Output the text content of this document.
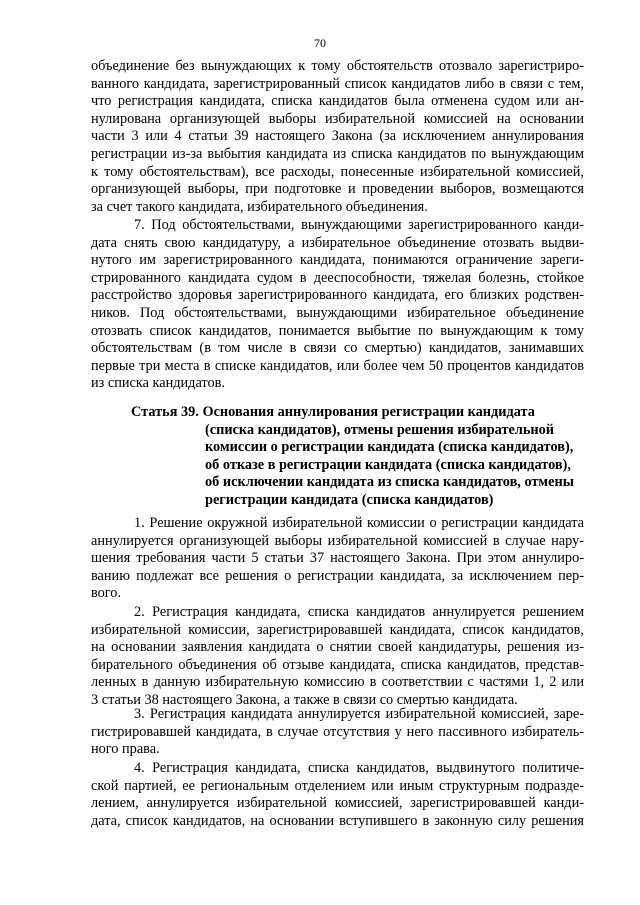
70
объединение без вынуждающих к тому обстоятельств отозвало зарегистриро-
ванного кандидата, зарегистрированный список кандидатов либо в связи с тем,
что регистрация кандидата, списка кандидатов была отменена судом или ан-
нулирована организующей выборы избирательной комиссией на основании
части 3 или 4 статьи 39 настоящего Закона (за исключением аннулирования
регистрации из-за выбытия кандидата из списка кандидатов по вынуждающим
к тому обстоятельствам), все расходы, понесенные избирательной комиссией,
организующей выборы, при подготовке и проведении выборов, возмещаются
за счет такого кандидата, избирательного объединения.
7. Под обстоятельствами, вынуждающими зарегистрированного канди-
дата снять свою кандидатуру, а избирательное объединение отозвать выдви-
нутого им зарегистрированного кандидата, понимаются ограничение зареги-
стрированного кандидата судом в дееспособности, тяжелая болезнь, стойкое
расстройство здоровья зарегистрированного кандидата, его близких родствен-
ников. Под обстоятельствами, вынуждающими избирательное объединение
отозвать список кандидатов, понимается выбытие по вынуждающим к тому
обстоятельствам (в том числе в связи со смертью) кандидатов, занимавших
первые три места в списке кандидатов, или более чем 50 процентов кандидатов
из списка кандидатов.
Статья 39. Основания аннулирования регистрации кандидата
(списка кандидатов), отмены решения избирательной
комиссии о регистрации кандидата (списка кандидатов),
об отказе в регистрации кандидата (списка кандидатов),
об исключении кандидата из списка кандидатов, отмены
регистрации кандидата (списка кандидатов)
1. Решение окружной избирательной комиссии о регистрации кандидата
аннулируется организующей выборы избирательной комиссией в случае нару-
шения требования части 5 статьи 37 настоящего Закона. При этом аннулиро-
ванию подлежат все решения о регистрации кандидата, за исключением пер-
вого.
2. Регистрация кандидата, списка кандидатов аннулируется решением
избирательной комиссии, зарегистрировавшей кандидата, список кандидатов,
на основании заявления кандидата о снятии своей кандидатуры, решения из-
бирательного объединения об отзыве кандидата, списка кандидатов, представ-
ленных в данную избирательную комиссию в соответствии с частями 1, 2 или
3 статьи 38 настоящего Закона, а также в связи со смертью кандидата.
3. Регистрация кандидата аннулируется избирательной комиссией, заре-
гистрировавшей кандидата, в случае отсутствия у него пассивного избиратель-
ного права.
4. Регистрация кандидата, списка кандидатов, выдвинутого политиче-
ской партией, ее региональным отделением или иным структурным подразде-
лением, аннулируется избирательной комиссией, зарегистрировавшей канди-
дата, список кандидатов, на основании вступившего в законную силу решения
